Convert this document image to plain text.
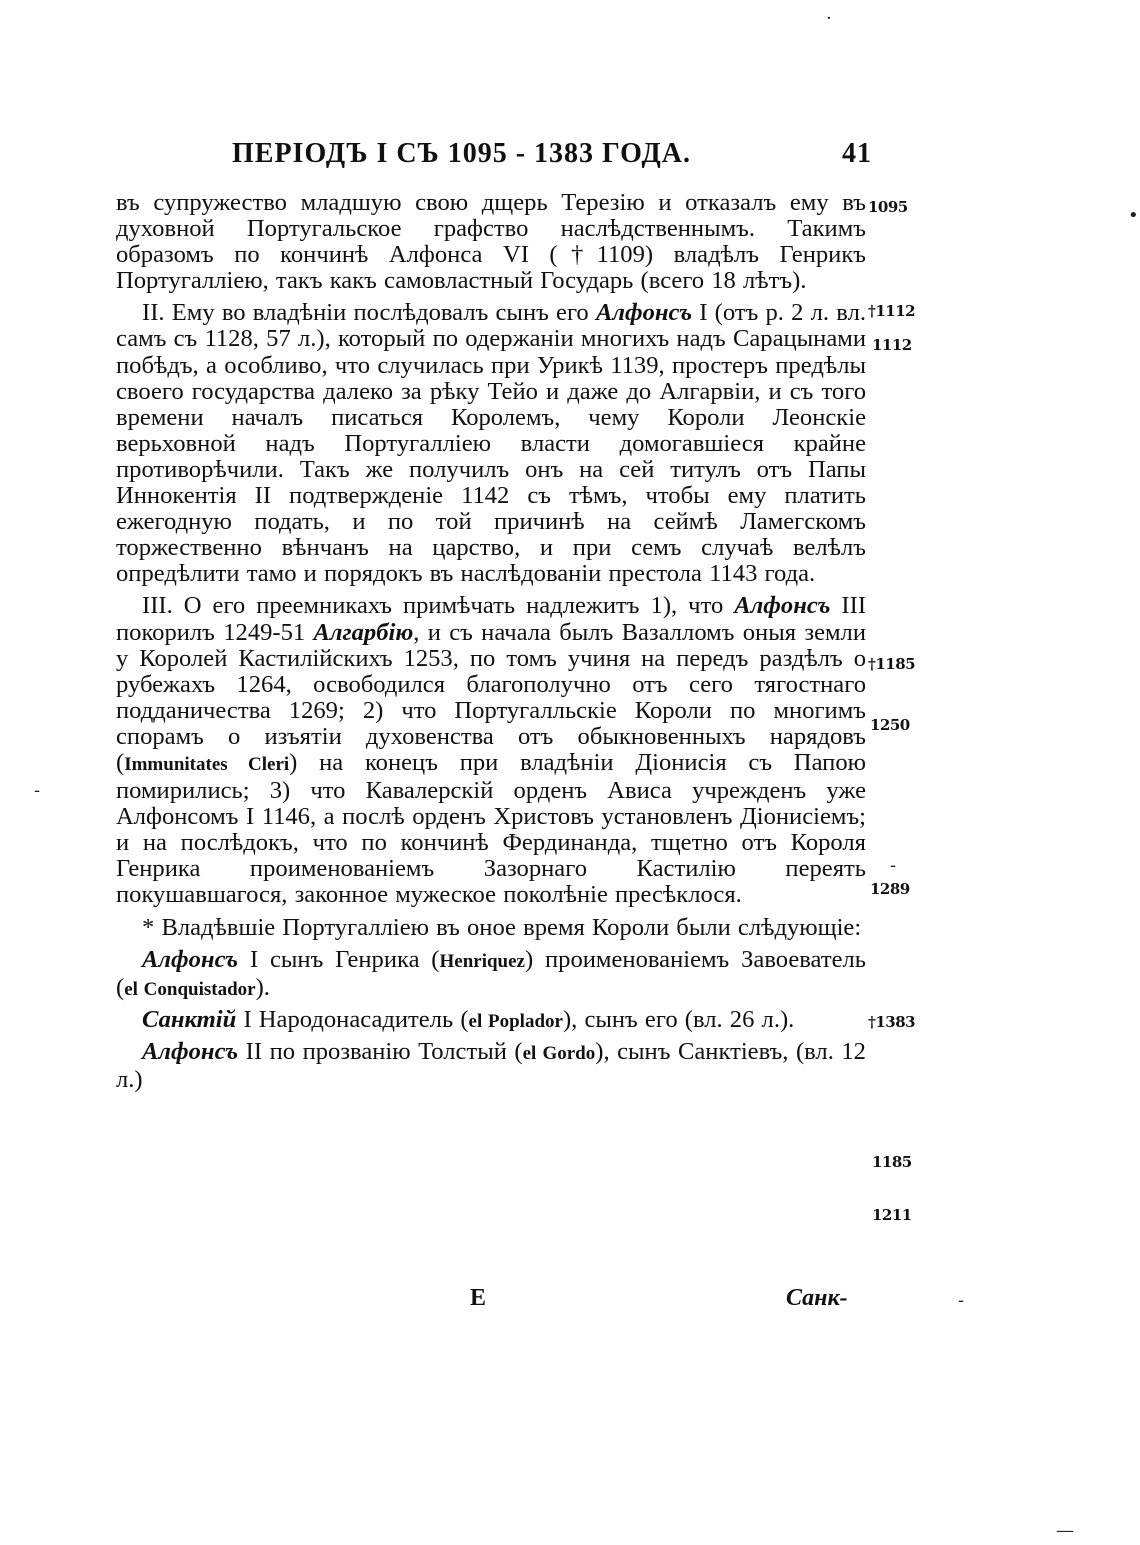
ПЕРIОДЪ I СЪ 1095 - 1383 ГОДА.	41

въ супружество младшую свою дщерь Терезiю и отказалъ ему въ духовной Португальское графство наслѣдственнымъ. Такимъ образомъ по кончинѣ Алфонса VI (†1109) владѣлъ Генрикъ Португаллiею, такъ какъ самовластный Государь (всего 18 лѣтъ).

II. Ему во владѣнiи послѣдовалъ сынъ его Алфонсъ I (отъ р. 2 л. вл. самъ съ 1128, 57 л.), который по одержанiи многихъ надъ Сарацынами побѣдъ, а особливо, что случилась при Урикѣ 1139, простеръ предѣлы своего государства далеко за рѣку Тейо и даже до Алгарвiи, и съ того времени началъ писаться Королемъ, чему Короли Леонскiе верьховной надъ Португаллiею власти домогавшiеся крайне противорѣчили. Такъ же получилъ онъ на сей титулъ отъ Папы Иннокентiя II подтвержденiе 1142 съ тѣмъ, чтобы ему платить ежегодную подать, и по той причинѣ на сеймѣ Ламегскомъ торжественно вѣнчанъ на царство, и при семъ случаѣ велѣлъ опредѣлити тамо и порядокъ въ наслѣдованiи престола 1143 года.

III. О его преемникахъ примѣчать надлежитъ 1), что Алфонсъ III покорилъ 1249-51 Алгарбiю, и съ начала былъ Вазалломъ оныя земли у Королей Кастилiйскихъ 1253, по томъ учиня на передъ раздѣлъ о рубежахъ 1264, освободился благополучно отъ сего тягостнаго подданичества 1269; 2) что Португалльскiе Короли по многимъ спорамъ о изъятiи духовенства отъ обыкновенныхъ нарядовъ (Immunitates Cleri) на конецъ при владѣнiи Дiонисiя съ Папою помирились; 3) что Кавалерскiй орденъ Ависа учрежденъ уже Алфонсомъ I 1146, а послѣ орденъ Христовъ установленъ Дiонисiемъ; и на послѣдокъ, что по кончинѣ Фердинанда, тщетно отъ Короля Генрика проименованiемъ Зазорнаго Кастилiю переять покушавшагося, законное мужеское поколѣнiе пресѣклося.

* Владѣвшiе Португаллiею въ оное время Короли были слѣдующiе:

Алфонсъ I сынъ Генрика (Henriquez) проименованiемъ Завоеватель (el Conquistador).

Санктiй I Народонасадитель (el Poplador), сынъ его (вл. 26 л.).

Алфонсъ II по прозванiю Толстый (el Gordo), сынъ Санктiевъ, (вл. 12 л.)

1095
†1112
1112
†1185
1250
1289
†1383
1185
1211
·
•
-
-
-
—
E	Санк-
